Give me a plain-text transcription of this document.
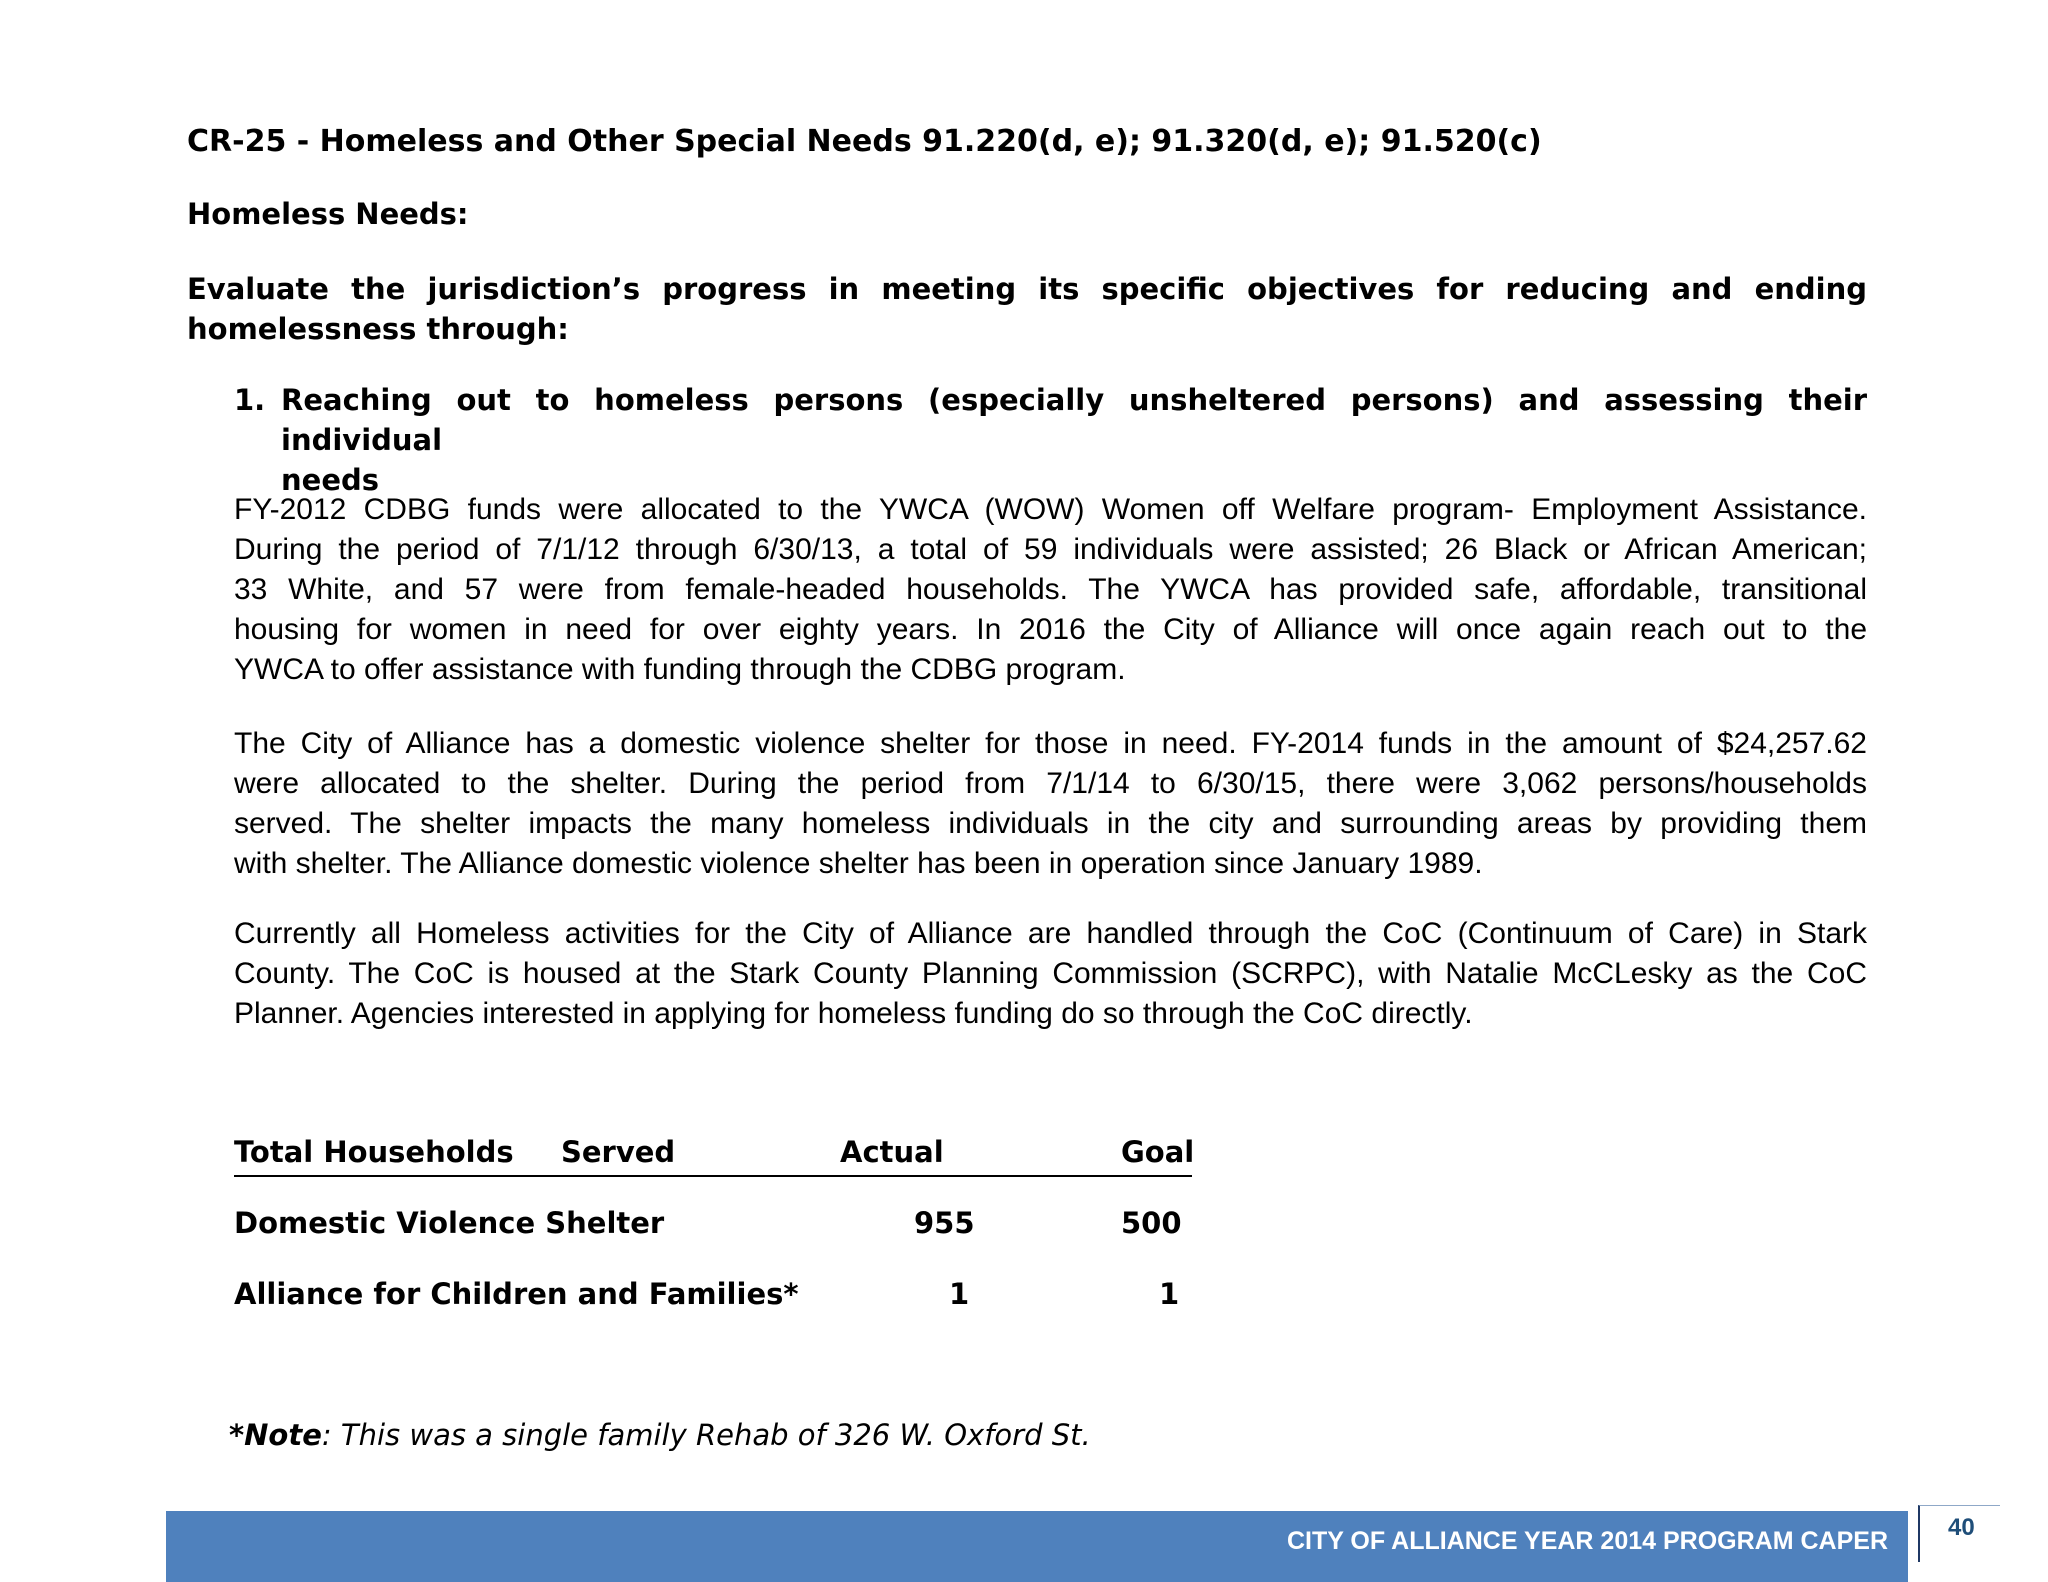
CR-25 - Homeless and Other Special Needs 91.220(d, e); 91.320(d, e); 91.520(c)
Homeless Needs:
Evaluate the jurisdiction’s progress in meeting its specific objectives for reducing and ending
homelessness through:
1. Reaching out to homeless persons (especially unsheltered persons) and assessing their individual
needs
FY-2012 CDBG funds were allocated to the YWCA (WOW) Women off Welfare program- Employment Assistance.
During the period of 7/1/12 through 6/30/13, a total of 59 individuals were assisted; 26 Black or African American;
33 White, and 57 were from female-headed households. The YWCA has provided safe, affordable, transitional
housing for women in need for over eighty years. In 2016 the City of Alliance will once again reach out to the
YWCA to offer assistance with funding through the CDBG program.
The City of Alliance has a domestic violence shelter for those in need. FY-2014 funds in the amount of $24,257.62
were allocated to the shelter. During the period from 7/1/14 to 6/30/15, there were 3,062 persons/households
served. The shelter impacts the many homeless individuals in the city and surrounding areas by providing them
with shelter. The Alliance domestic violence shelter has been in operation since January 1989.
Currently all Homeless activities for the City of Alliance are handled through the CoC (Continuum of Care) in Stark
County. The CoC is housed at the Stark County Planning Commission (SCRPC), with Natalie McCLesky as the CoC
Planner. Agencies interested in applying for homeless funding do so through the CoC directly.
Total Households Served	Actual	Goal
Domestic Violence Shelter	955	500
Alliance for Children and Families*	1	1
*Note: This was a single family Rehab of 326 W. Oxford St.
CITY OF ALLIANCE YEAR 2014 PROGRAM CAPER	40
